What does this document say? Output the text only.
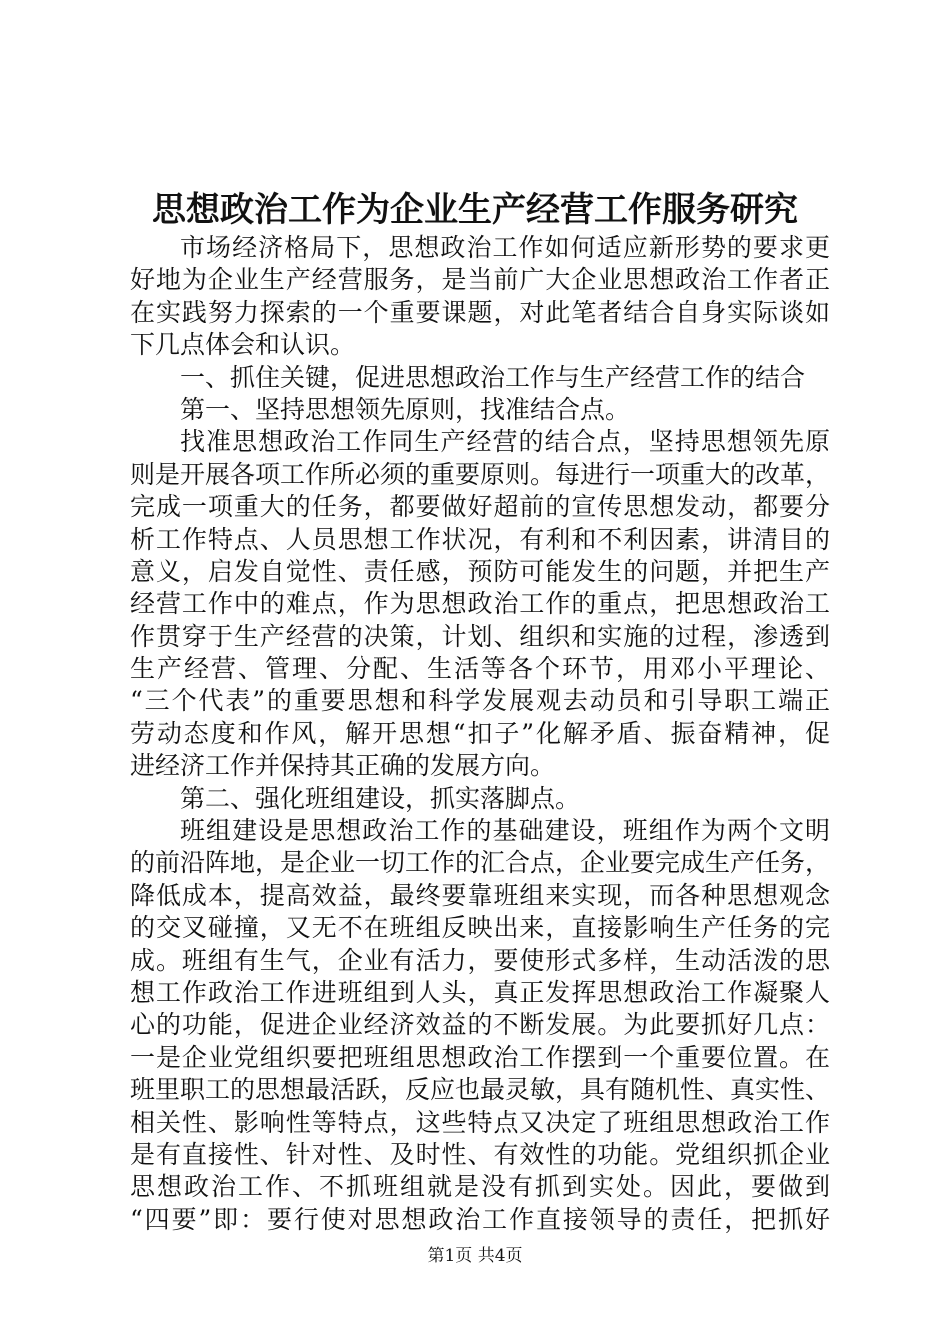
思想政治工作为企业生产经营工作服务研究
市场经济格局下，思想政治工作如何适应新形势的要求更
好地为企业生产经营服务，是当前广大企业思想政治工作者正
在实践努力探索的一个重要课题，对此笔者结合自身实际谈如
下几点体会和认识。
一、抓住关键，促进思想政治工作与生产经营工作的结合
第一、坚持思想领先原则，找准结合点。
找准思想政治工作同生产经营的结合点，坚持思想领先原
则是开展各项工作所必须的重要原则。每进行一项重大的改革，
完成一项重大的任务，都要做好超前的宣传思想发动，都要分
析工作特点、人员思想工作状况，有利和不利因素，讲清目的
意义，启发自觉性、责任感，预防可能发生的问题，并把生产
经营工作中的难点，作为思想政治工作的重点，把思想政治工
作贯穿于生产经营的决策，计划、组织和实施的过程，渗透到
生产经营、管理、分配、生活等各个环节，用邓小平理论、
“三个代表”的重要思想和科学发展观去动员和引导职工端正
劳动态度和作风，解开思想“扣子”化解矛盾、振奋精神，促
进经济工作并保持其正确的发展方向。
第二、强化班组建设，抓实落脚点。
班组建设是思想政治工作的基础建设，班组作为两个文明
的前沿阵地，是企业一切工作的汇合点，企业要完成生产任务，
降低成本，提高效益，最终要靠班组来实现，而各种思想观念
的交叉碰撞，又无不在班组反映出来，直接影响生产任务的完
成。班组有生气，企业有活力，要使形式多样，生动活泼的思
想工作政治工作进班组到人头，真正发挥思想政治工作凝聚人
心的功能，促进企业经济效益的不断发展。为此要抓好几点：
一是企业党组织要把班组思想政治工作摆到一个重要位置。在
班里职工的思想最活跃，反应也最灵敏，具有随机性、真实性、
相关性、影响性等特点，这些特点又决定了班组思想政治工作
是有直接性、针对性、及时性、有效性的功能。党组织抓企业
思想政治工作、不抓班组就是没有抓到实处。因此，要做到
“四要”即：要行使对思想政治工作直接领导的责任，把抓好
第1页 共4页
